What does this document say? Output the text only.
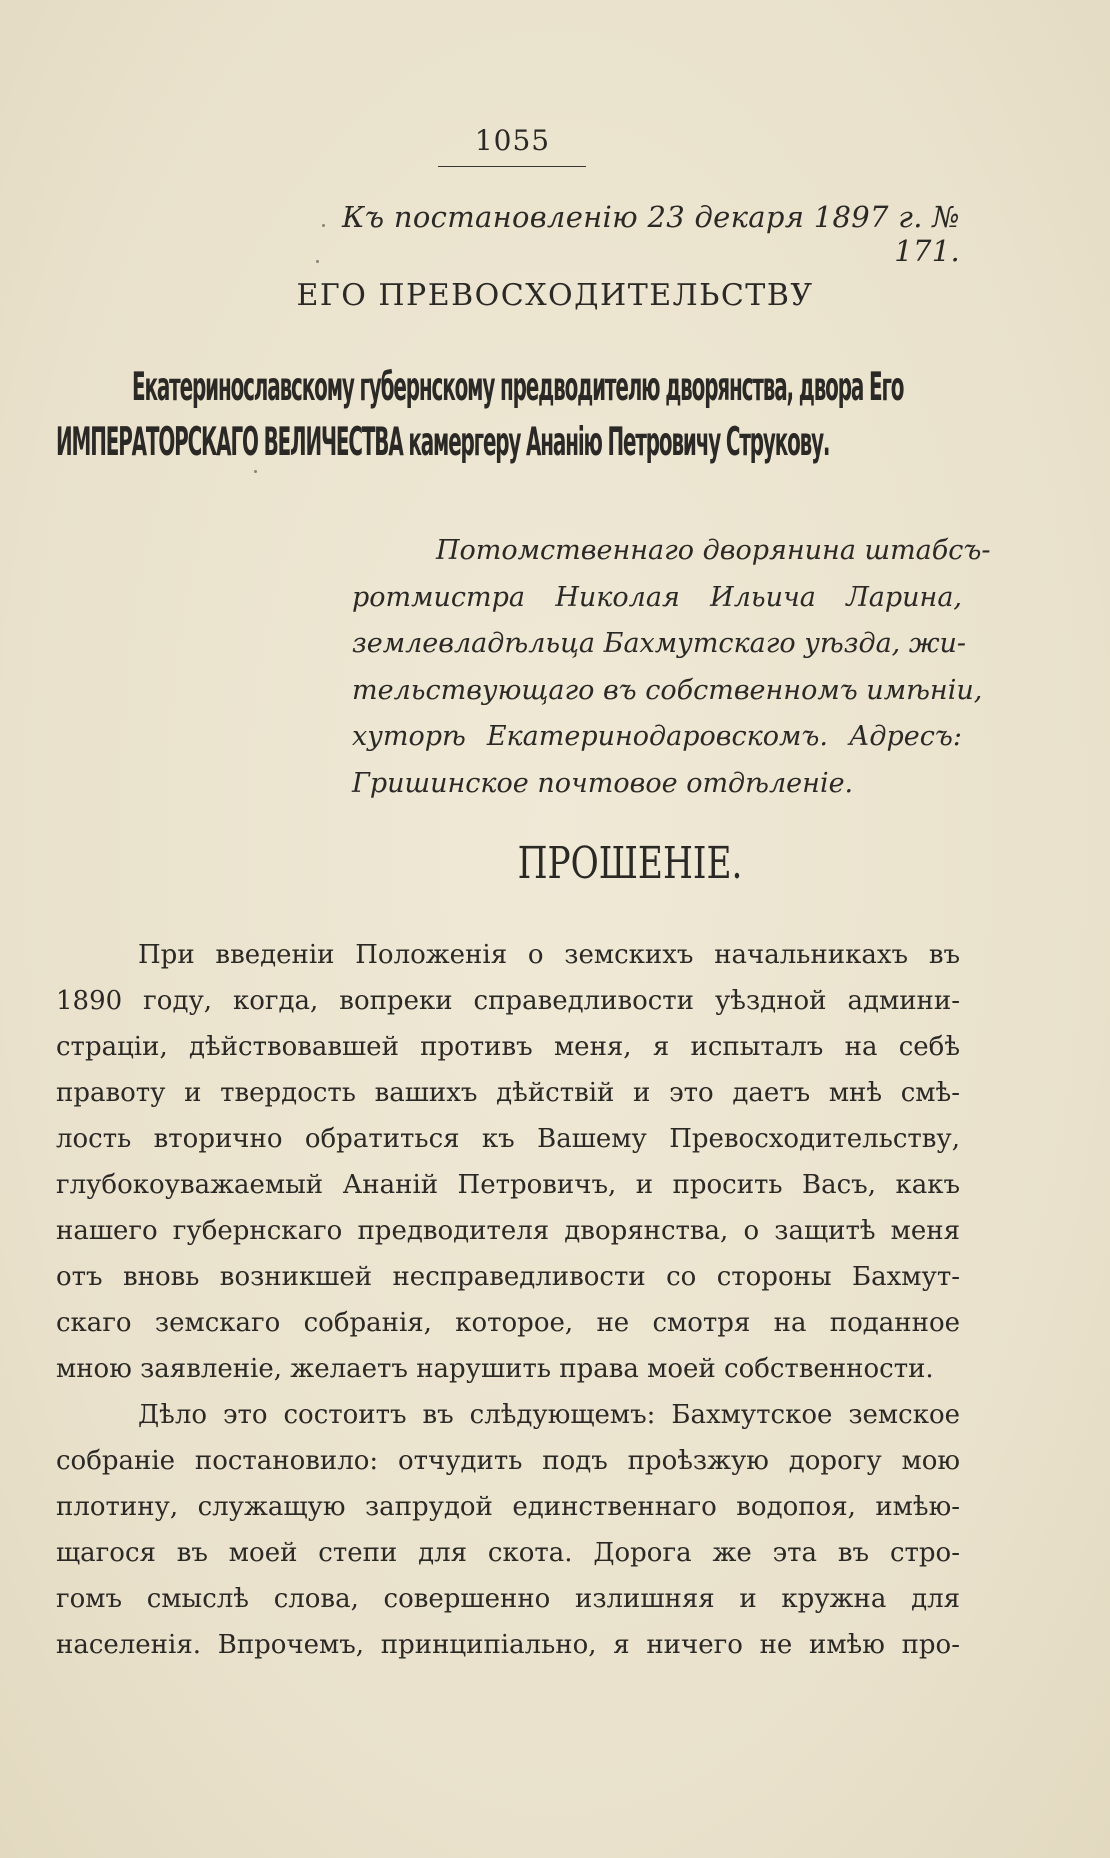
1055
Къ постановленію 23 декаря 1897 г. № 171.
ЕГО ПРЕВОСХОДИТЕЛЬСТВУ
Екатеринославскому губернскому предводителю дворянства, двора Его
ИМПЕРАТОРСКАГО ВЕЛИЧЕСТВА камергеру Ананію Петровичу Струкову.
Потомственнаго дворянина штабсъ-
ротмистра Николая Ильича Ларина,
землевладѣльца Бахмутскаго уѣзда, жи-
тельствующаго въ собственномъ имѣніи,
хуторѣ Екатеринодаровскомъ. Адресъ:
Гришинское почтовое отдѣленіе.
ПРОШЕНІЕ.
При введеніи Положенія о земскихъ начальникахъ въ
1890 году, когда, вопреки справедливости уѣздной админи-
страціи, дѣйствовавшей противъ меня, я испыталъ на себѣ
правоту и твердость вашихъ дѣйствій и это даетъ мнѣ смѣ-
лость вторично обратиться къ Вашему Превосходительству,
глубокоуважаемый Ананій Петровичъ, и просить Васъ, какъ
нашего губернскаго предводителя дворянства, о защитѣ меня
отъ вновь возникшей несправедливости со стороны Бахмут-
скаго земскаго собранія, которое, не смотря на поданное
мною заявленіе, желаетъ нарушить права моей собственности.
Дѣло это состоитъ въ слѣдующемъ: Бахмутское земское
собраніе постановило: отчудить подъ проѣзжую дорогу мою
плотину, служащую запрудой единственнаго водопоя, имѣю-
щагося въ моей степи для скота. Дорога же эта въ стро-
гомъ смыслѣ слова, совершенно излишняя и кружна для
населенія. Впрочемъ, принципіально, я ничего не имѣю про-
